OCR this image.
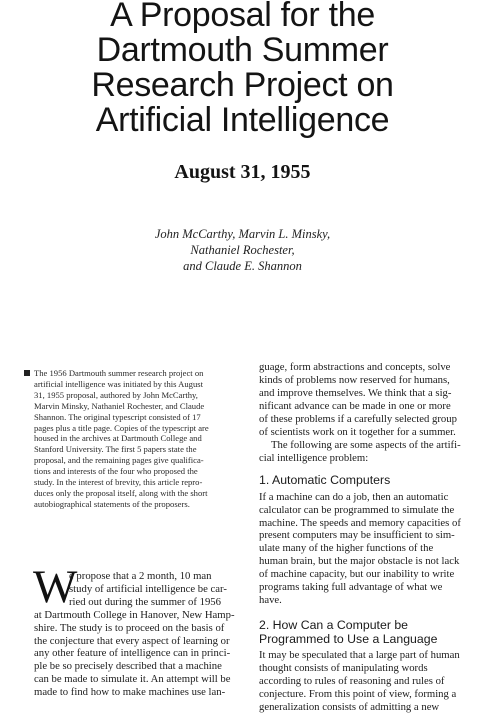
A Proposal for the
Dartmouth Summer
Research Project on
Artificial Intelligence
August 31, 1955
John McCarthy, Marvin L. Minsky,
Nathaniel Rochester,
and Claude E. Shannon
The 1956 Dartmouth summer research project on
artificial intelligence was initiated by this August
31, 1955 proposal, authored by John McCarthy,
Marvin Minsky, Nathaniel Rochester, and Claude
Shannon. The original typescript consisted of 17
pages plus a title page. Copies of the typescript are
housed in the archives at Dartmouth College and
Stanford University. The first 5 papers state the
proposal, and the remaining pages give qualifica-
tions and interests of the four who proposed the
study. In the interest of brevity, this article repro-
duces only the proposal itself, along with the short
autobiographical statements of the proposers.
W
e propose that a 2 month, 10 man
study of artificial intelligence be car-
ried out during the summer of 1956
at Dartmouth College in Hanover, New Hamp-
shire. The study is to proceed on the basis of
the conjecture that every aspect of learning or
any other feature of intelligence can in princi-
ple be so precisely described that a machine
can be made to simulate it. An attempt will be
made to find how to make machines use lan-
guage, form abstractions and concepts, solve
kinds of problems now reserved for humans,
and improve themselves. We think that a sig-
nificant advance can be made in one or more
of these problems if a carefully selected group
of scientists work on it together for a summer.
The following are some aspects of the artifi-
cial intelligence problem:
1. Automatic Computers
If a machine can do a job, then an automatic
calculator can be programmed to simulate the
machine. The speeds and memory capacities of
present computers may be insufficient to sim-
ulate many of the higher functions of the
human brain, but the major obstacle is not lack
of machine capacity, but our inability to write
programs taking full advantage of what we
have.
2. How Can a Computer be
Programmed to Use a Language
It may be speculated that a large part of human
thought consists of manipulating words
according to rules of reasoning and rules of
conjecture. From this point of view, forming a
generalization consists of admitting a new
